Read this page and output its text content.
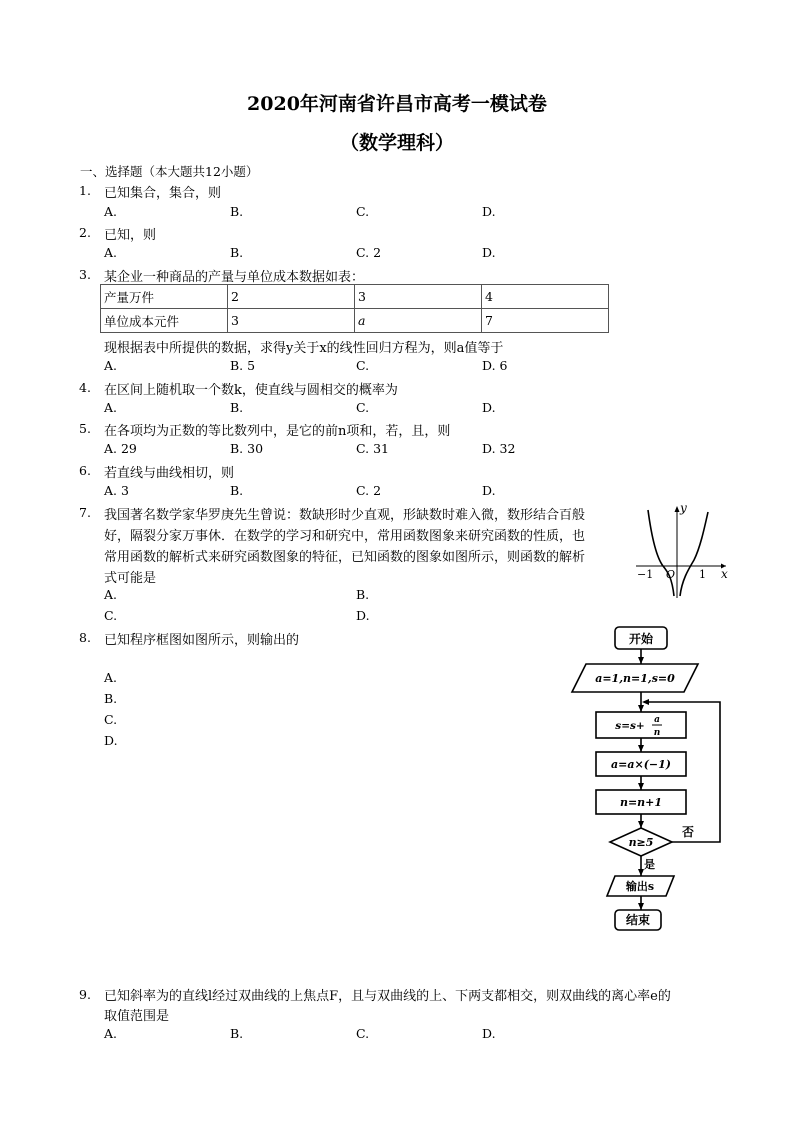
2020年河南省许昌市高考一模试卷
（数学理科）
一、选择题（本大题共12小题）
1. 已知集合，集合，则
A.	B.	C.	D.
2. 已知，则
A.	B.	C. 2	D.
3. 某企业一种商品的产量与单位成本数据如表：
产量万件	2	3	4
单位成本元件	3	a	7
现根据表中所提供的数据，求得y关于x的线性回归方程为，则a值等于
A.	B. 5	C.	D. 6
4. 在区间上随机取一个数k，使直线与圆相交的概率为
A.	B.	C.	D.
5. 在各项均为正数的等比数列中，是它的前n项和，若，且，则
A. 29	B. 30	C. 31	D. 32
6. 若直线与曲线相切，则
A. 3	B.	C. 2	D.
7. 我国著名数学家华罗庚先生曾说：数缺形时少直观，形缺数时难入微，数形结合百般
好，隔裂分家万事休．在数学的学习和研究中，常用函数图象来研究函数的性质，也
常用函数的解析式来研究函数图象的特征，已知函数的图象如图所示，则函数的解析
式可能是
A.	B.
C.	D.
y
x
−1 O 1
8. 已知程序框图如图所示，则输出的
A.
B.
C.
D.
开始
a=1,n=1,s=0
s=s+ a
n
a=a×(−1)
n=n+1
n≥5
否
是
输出s
结束
9. 已知斜率为的直线l经过双曲线的上焦点F，且与双曲线的上、下两支都相交，则双曲线的离心率e的
取值范围是
A.	B.	C.	D.
